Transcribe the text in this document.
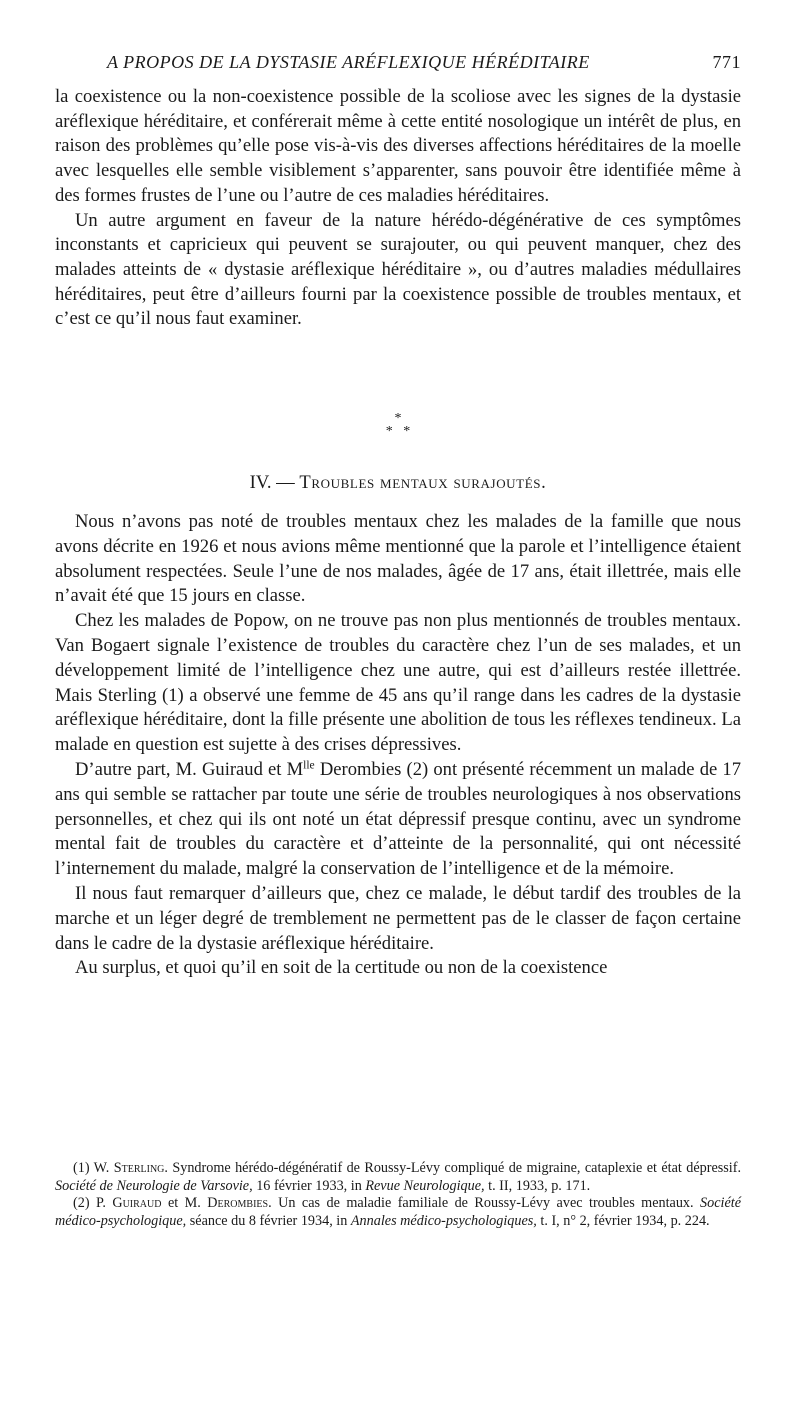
A PROPOS DE LA DYSTASIE ARÉFLEXIQUE HÉRÉDITAIRE	771

la coexistence ou la non-coexistence possible de la scoliose avec les signes de la dystasie aréflexique héréditaire, et conférerait même à cette entité nosologique un intérêt de plus, en raison des problèmes qu’elle pose vis-à-vis des diverses affections héréditaires de la moelle avec lesquelles elle semble visiblement s’apparenter, sans pouvoir être identifiée même à des formes frustes de l’une ou l’autre de ces maladies héréditaires.

Un autre argument en faveur de la nature hérédo-dégénérative de ces symptômes inconstants et capricieux qui peuvent se surajouter, ou qui peuvent manquer, chez des malades atteints de « dystasie aréflexique héréditaire », ou d’autres maladies médullaires héréditaires, peut être d’ailleurs fourni par la coexistence possible de troubles mentaux, et c’est ce qu’il nous faut examiner.

*
*   *
IV. — Troubles mentaux surajoutés.

Nous n’avons pas noté de troubles mentaux chez les malades de la famille que nous avons décrite en 1926 et nous avions même mentionné que la parole et l’intelligence étaient absolument respectées. Seule l’une de nos malades, âgée de 17 ans, était illettrée, mais elle n’avait été que 15 jours en classe.

Chez les malades de Popow, on ne trouve pas non plus mentionnés de troubles mentaux. Van Bogaert signale l’existence de troubles du caractère chez l’un de ses malades, et un développement limité de l’intelligence chez une autre, qui est d’ailleurs restée illettrée. Mais Sterling (1) a observé une femme de 45 ans qu’il range dans les cadres de la dystasie aréflexique héréditaire, dont la fille présente une abolition de tous les réflexes tendineux. La malade en question est sujette à des crises dépressives.

D’autre part, M. Guiraud et $M^{lle}$ Derombies (2) ont présenté récemment un malade de 17 ans qui semble se rattacher par toute une série de troubles neurologiques à nos observations personnelles, et chez qui ils ont noté un état dépressif presque continu, avec un syndrome mental fait de troubles du caractère et d’atteinte de la personnalité, qui ont nécessité l’internement du malade, malgré la conservation de l’intelligence et de la mémoire.

Il nous faut remarquer d’ailleurs que, chez ce malade, le début tardif des troubles de la marche et un léger degré de tremblement ne permettent pas de le classer de façon certaine dans le cadre de la dystasie aréflexique héréditaire.

Au surplus, et quoi qu’il en soit de la certitude ou non de la coexistence

(1) W. Sterling. Syndrome hérédo-dégénératif de Roussy-Lévy compliqué de migraine, cataplexie et état dépressif. Société de Neurologie de Varsovie, 16 février 1933, in Revue Neurologique, t. II, 1933, p. 171.

(2) P. Guiraud et M. Derombies. Un cas de maladie familiale de Roussy-Lévy avec troubles mentaux. Société médico-psychologique, séance du 8 février 1934, in Annales médico-psychologiques, t. I, n° 2, février 1934, p. 224.
